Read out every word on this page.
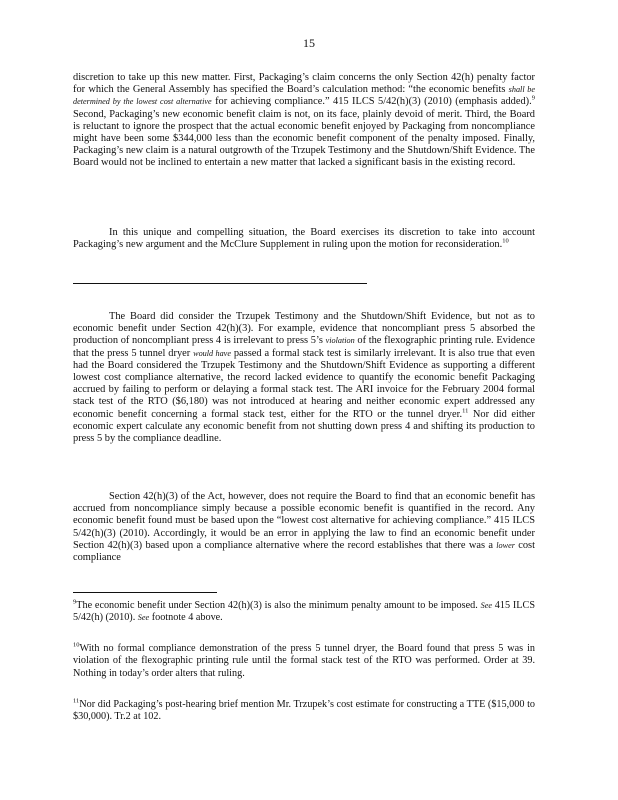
15
discretion to take up this new matter. First, Packaging’s claim concerns the only Section 42(h) penalty factor for which the General Assembly has specified the Board’s calculation method: “the economic benefits shall be determined by the lowest cost alternative for achieving compliance.” 415 ILCS 5/42(h)(3) (2010) (emphasis added).$^9$ Second, Packaging’s new economic benefit claim is not, on its face, plainly devoid of merit. Third, the Board is reluctant to ignore the prospect that the actual economic benefit enjoyed by Packaging from noncompliance might have been some $344,000 less than the economic benefit component of the penalty imposed. Finally, Packaging’s new claim is a natural outgrowth of the Trzupek Testimony and the Shutdown/Shift Evidence. The Board would not be inclined to entertain a new matter that lacked a significant basis in the existing record.
In this unique and compelling situation, the Board exercises its discretion to take into account Packaging’s new argument and the McClure Supplement in ruling upon the motion for reconsideration.$^{10}$
The Board did consider the Trzupek Testimony and the Shutdown/Shift Evidence, but not as to economic benefit under Section 42(h)(3). For example, evidence that noncompliant press 5 absorbed the production of noncompliant press 4 is irrelevant to press 5’s violation of the flexographic printing rule. Evidence that the press 5 tunnel dryer would have passed a formal stack test is similarly irrelevant. It is also true that even had the Board considered the Trzupek Testimony and the Shutdown/Shift Evidence as supporting a different lowest cost compliance alternative, the record lacked evidence to quantify the economic benefit Packaging accrued by failing to perform or delaying a formal stack test. The ARI invoice for the February 2004 formal stack test of the RTO ($6,180) was not introduced at hearing and neither economic expert addressed any economic benefit concerning a formal stack test, either for the RTO or the tunnel dryer.$^{11}$ Nor did either economic expert calculate any economic benefit from not shutting down press 4 and shifting its production to press 5 by the compliance deadline.
Section 42(h)(3) of the Act, however, does not require the Board to find that an economic benefit has accrued from noncompliance simply because a possible economic benefit is quantified in the record. Any economic benefit found must be based upon the “lowest cost alternative for achieving compliance.” 415 ILCS 5/42(h)(3) (2010). Accordingly, it would be an error in applying the law to find an economic benefit under Section 42(h)(3) based upon a compliance alternative where the record establishes that there was a lower cost compliance
$^9$The economic benefit under Section 42(h)(3) is also the minimum penalty amount to be imposed. See 415 ILCS 5/42(h) (2010). See footnote 4 above.
$^{10}$With no formal compliance demonstration of the press 5 tunnel dryer, the Board found that press 5 was in violation of the flexographic printing rule until the formal stack test of the RTO was performed. Order at 39. Nothing in today’s order alters that ruling.
$^{11}$Nor did Packaging’s post-hearing brief mention Mr. Trzupek’s cost estimate for constructing a TTE ($15,000 to $30,000). Tr.2 at 102.
